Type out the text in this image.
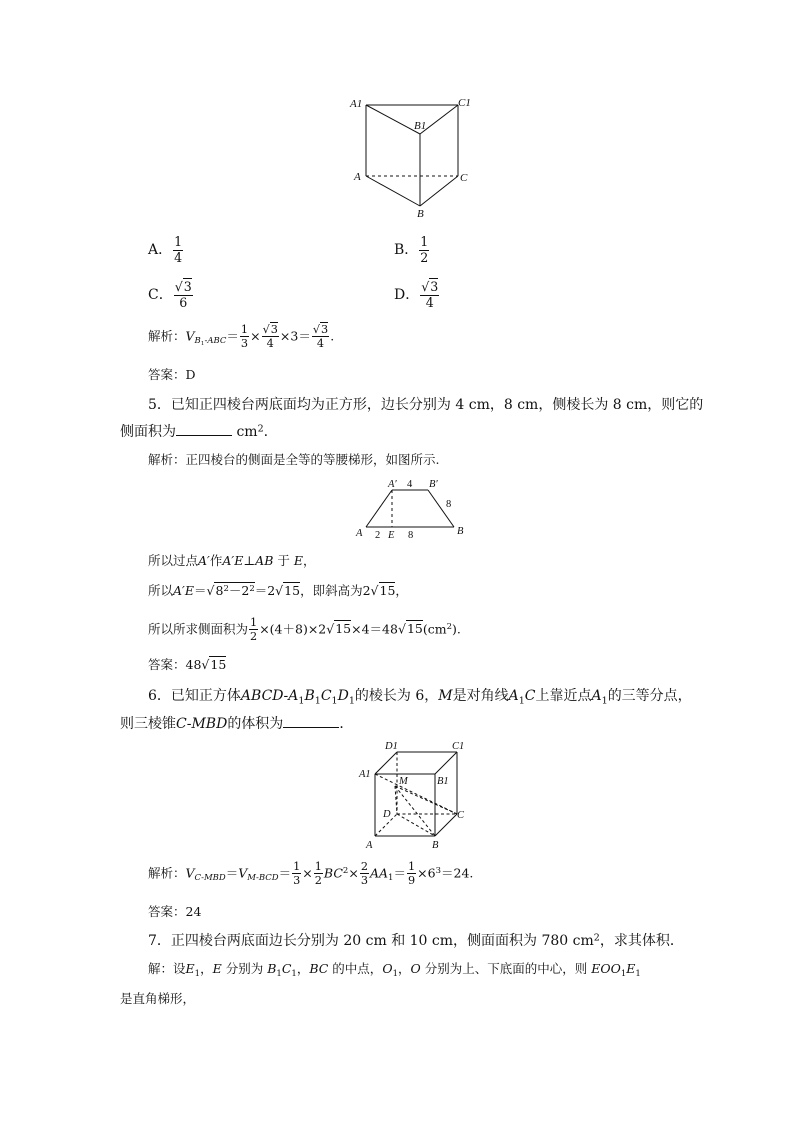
A1	C1
B1
A	C
B
A． $\frac{1}{4}$	B． $\frac{1}{2}$
C． $\frac{√3}{6}$	D． $\frac{√3}{4}$
解析：$V_{B_1-ABC}= \frac{1}{3} \times \frac{√3}{4} \times 3= \frac{√3}{4}$ .
答案：D
5．已知正四棱台两底面均为正方形，边长分别为 4 cm，8 cm，侧棱长为 8 cm，则它的
侧面积为	$cm^2$.
解析：正四棱台的侧面是全等的等腰梯形，如图所示.
A′ 4 B′
8
A 2 E 8	B
所以过点A′作A′E⊥AB 于 E，
所以$A'E=√8^2-2^2=2√15$，即斜高为2√15，
所以所求侧面积为 $\frac{1}{2} \times(4+8)\times 2√15\times 4=48√15(cm^2)$.
答案：48√15
6．已知正方体ABCD-$A_1B_1C_1D_1$的棱长为 6，M是对角线$A_1C$上靠近点$A_1$的三等分点，
则三棱锥C-MBD的体积为	．
D1	C1
A1
M	B1
D	C
A	B
解析：$V_{C-MBD}=V_{M-BCD}= \frac{1}{3} \times \frac{1}{2} BC^2\times \frac{2}{3} AA_1= \frac{1}{9} \times 6^3=24$.
答案：24
7．正四棱台两底面边长分别为 20 cm 和 10 cm，侧面面积为 780 $cm^2$，求其体积．
解：设$E_1$，E 分别为 $B_1C_1$，BC 的中点，$O_1$，O 分别为上、下底面的中心，则 $EOO_1E_1$
是直角梯形，
